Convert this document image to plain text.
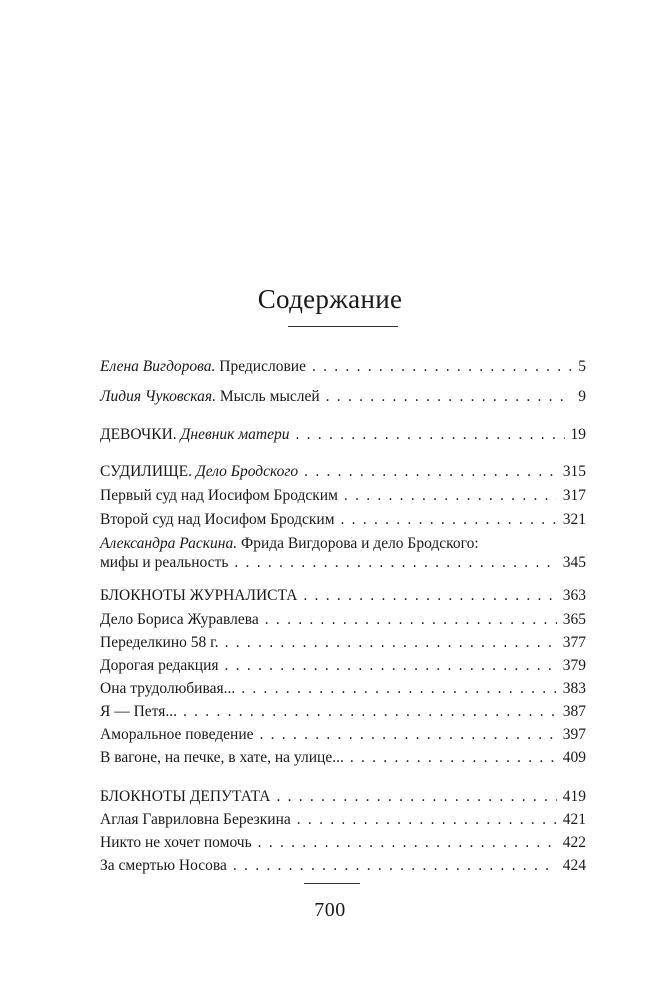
Содержание
Елена Вигдорова. Предисловие . . .	5
Лидия Чуковская. Мысль мыслей . . .	9
ДЕВОЧКИ. Дневник матери . . .	19
СУДИЛИЩЕ. Дело Бродского . . .	315
Первый суд над Иосифом Бродским . . .	317
Второй суд над Иосифом Бродским . . .	321
Александра Раскина. Фрида Вигдорова и дело Бродского:
мифы и реальность . . .	345
БЛОКНОТЫ ЖУРНАЛИСТА . . .	363
Дело Бориса Журавлева . . .	365
Переделкино 58 г. . . .	377
Дорогая редакция . . .	379
Она трудолюбивая... . . .	383
Я — Петя... . . .	387
Аморальное поведение . . .	397
В вагоне, на печке, в хате, на улице... . . .	409
БЛОКНОТЫ ДЕПУТАТА . . .	419
Аглая Гавриловна Березкина . . .	421
Никто не хочет помочь . . .	422
За смертью Носова . . .	424
700
